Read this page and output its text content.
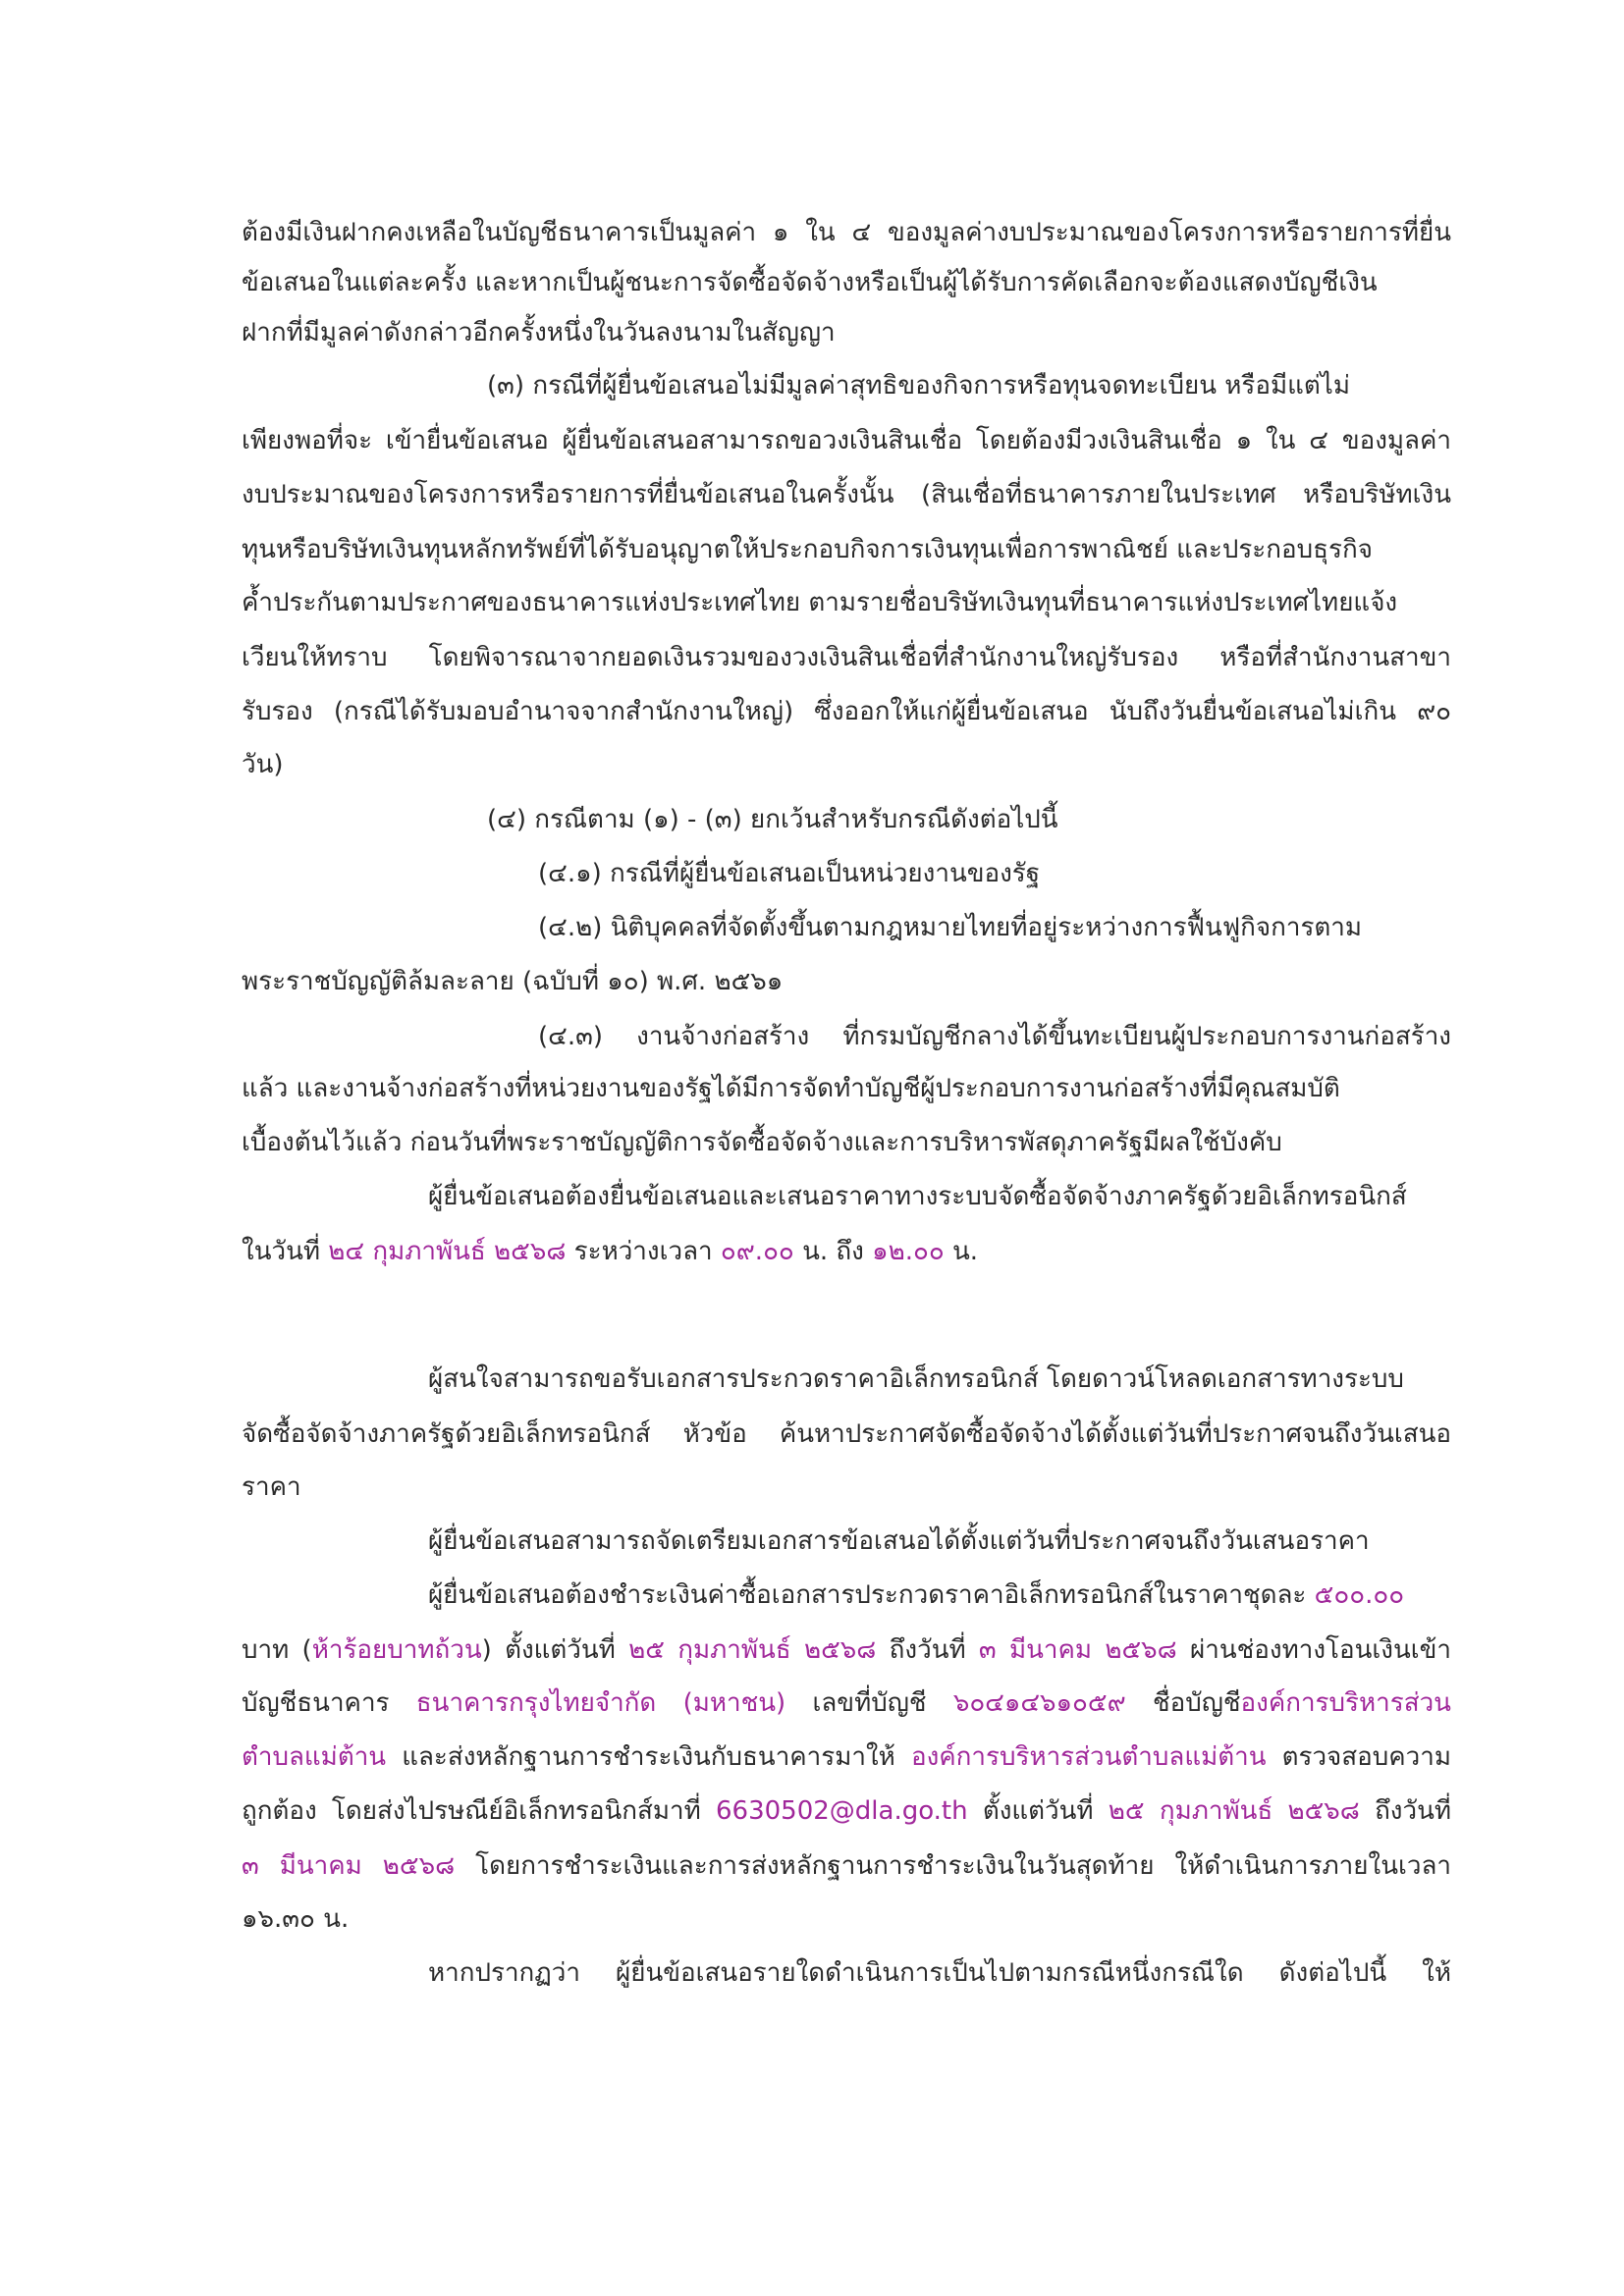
ต้องมีเงินฝากคงเหลือในบัญชีธนาคารเป็นมูลค่า ๑ ใน ๔ ของมูลค่างบประมาณของโครงการหรือรายการที่ยื่น
ข้อเสนอในแต่ละครั้ง และหากเป็นผู้ชนะการจัดซื้อจัดจ้างหรือเป็นผู้ได้รับการคัดเลือกจะต้องแสดงบัญชีเงิน
ฝากที่มีมูลค่าดังกล่าวอีกครั้งหนึ่งในวันลงนามในสัญญา
(๓) กรณีที่ผู้ยื่นข้อเสนอไม่มีมูลค่าสุทธิของกิจการหรือทุนจดทะเบียน หรือมีแต่ไม่
เพียงพอที่จะ เข้ายื่นข้อเสนอ ผู้ยื่นข้อเสนอสามารถขอวงเงินสินเชื่อ โดยต้องมีวงเงินสินเชื่อ ๑ ใน ๔ ของมูลค่า
งบประมาณของโครงการหรือรายการที่ยื่นข้อเสนอในครั้งนั้น (สินเชื่อที่ธนาคารภายในประเทศ หรือบริษัทเงิน
ทุนหรือบริษัทเงินทุนหลักทรัพย์ที่ได้รับอนุญาตให้ประกอบกิจการเงินทุนเพื่อการพาณิชย์ และประกอบธุรกิจ
ค้ำประกันตามประกาศของธนาคารแห่งประเทศไทย ตามรายชื่อบริษัทเงินทุนที่ธนาคารแห่งประเทศไทยแจ้ง
เวียนให้ทราบ โดยพิจารณาจากยอดเงินรวมของวงเงินสินเชื่อที่สำนักงานใหญ่รับรอง หรือที่สำนักงานสาขา
รับรอง (กรณีได้รับมอบอำนาจจากสำนักงานใหญ่) ซึ่งออกให้แก่ผู้ยื่นข้อเสนอ นับถึงวันยื่นข้อเสนอไม่เกิน ๙๐
วัน)
(๔) กรณีตาม (๑) - (๓) ยกเว้นสำหรับกรณีดังต่อไปนี้
(๔.๑) กรณีที่ผู้ยื่นข้อเสนอเป็นหน่วยงานของรัฐ
(๔.๒) นิติบุคคลที่จัดตั้งขึ้นตามกฎหมายไทยที่อยู่ระหว่างการฟื้นฟูกิจการตาม
พระราชบัญญัติล้มละลาย (ฉบับที่ ๑๐) พ.ศ. ๒๕๖๑
(๔.๓) งานจ้างก่อสร้าง ที่กรมบัญชีกลางได้ขึ้นทะเบียนผู้ประกอบการงานก่อสร้าง
แล้ว และงานจ้างก่อสร้างที่หน่วยงานของรัฐได้มีการจัดทำบัญชีผู้ประกอบการงานก่อสร้างที่มีคุณสมบัติ
เบื้องต้นไว้แล้ว ก่อนวันที่พระราชบัญญัติการจัดซื้อจัดจ้างและการบริหารพัสดุภาครัฐมีผลใช้บังคับ
ผู้ยื่นข้อเสนอต้องยื่นข้อเสนอและเสนอราคาทางระบบจัดซื้อจัดจ้างภาครัฐด้วยอิเล็กทรอนิกส์
ในวันที่ ๒๔ กุมภาพันธ์ ๒๕๖๘ ระหว่างเวลา ๐๙.๐๐ น. ถึง ๑๒.๐๐ น.
ผู้สนใจสามารถขอรับเอกสารประกวดราคาอิเล็กทรอนิกส์ โดยดาวน์โหลดเอกสารทางระบบ
จัดซื้อจัดจ้างภาครัฐด้วยอิเล็กทรอนิกส์ หัวข้อ ค้นหาประกาศจัดซื้อจัดจ้างได้ตั้งแต่วันที่ประกาศจนถึงวันเสนอ
ราคา
ผู้ยื่นข้อเสนอสามารถจัดเตรียมเอกสารข้อเสนอได้ตั้งแต่วันที่ประกาศจนถึงวันเสนอราคา
ผู้ยื่นข้อเสนอต้องชำระเงินค่าซื้อเอกสารประกวดราคาอิเล็กทรอนิกส์ในราคาชุดละ ๕๐๐.๐๐
บาท (ห้าร้อยบาทถ้วน) ตั้งแต่วันที่ ๒๕ กุมภาพันธ์ ๒๕๖๘ ถึงวันที่ ๓ มีนาคม ๒๕๖๘ ผ่านช่องทางโอนเงินเข้า
บัญชีธนาคาร ธนาคารกรุงไทยจำกัด (มหาชน) เลขที่บัญชี ๖๐๔๑๔๖๑๐๕๙ ชื่อบัญชีองค์การบริหารส่วน
ตำบลแม่ต้าน และส่งหลักฐานการชำระเงินกับธนาคารมาให้ องค์การบริหารส่วนตำบลแม่ต้าน ตรวจสอบความ
ถูกต้อง โดยส่งไปรษณีย์อิเล็กทรอนิกส์มาที่ 6630502@dla.go.th ตั้งแต่วันที่ ๒๕ กุมภาพันธ์ ๒๕๖๘ ถึงวันที่
๓ มีนาคม ๒๕๖๘ โดยการชำระเงินและการส่งหลักฐานการชำระเงินในวันสุดท้าย ให้ดำเนินการภายในเวลา
๑๖.๓๐ น.
หากปรากฏว่า ผู้ยื่นข้อเสนอรายใดดำเนินการเป็นไปตามกรณีหนึ่งกรณีใด ดังต่อไปนี้ ให้
